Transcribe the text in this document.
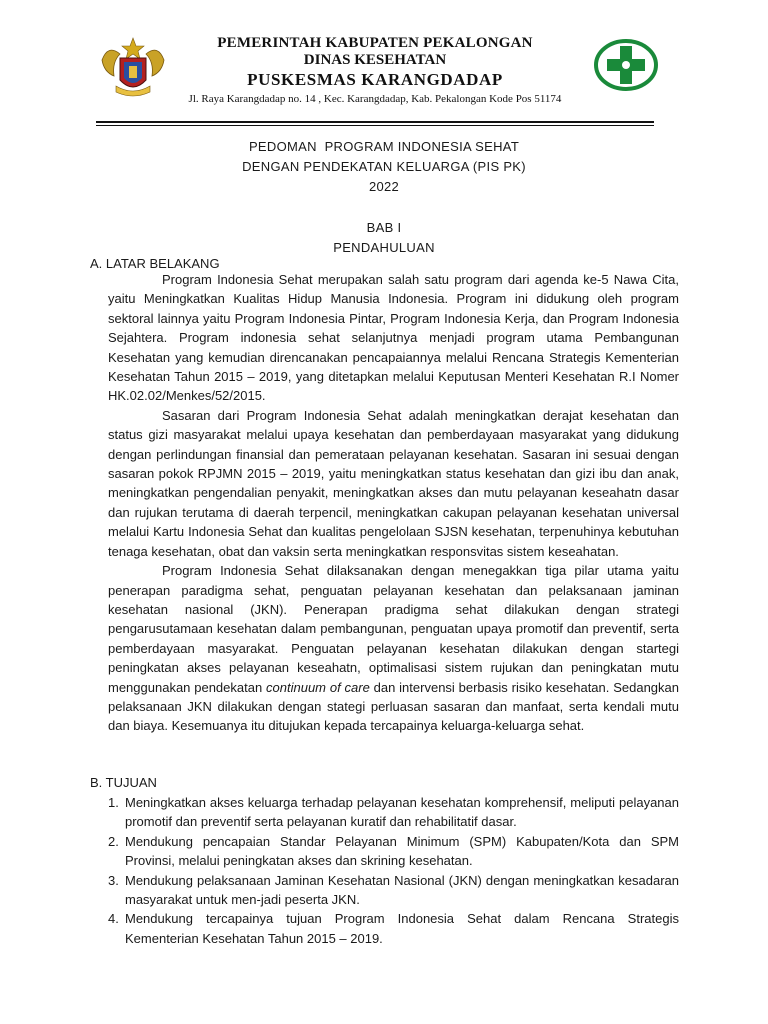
PEMERINTAH KABUPATEN PEKALONGAN
DINAS KESEHATAN
PUSKESMAS KARANGDADAP
Jl. Raya Karangdadap no. 14 , Kec. Karangdadap, Kab. Pekalongan Kode Pos 51174
PEDOMAN  PROGRAM INDONESIA SEHAT
DENGAN PENDEKATAN KELUARGA (PIS PK)
2022
BAB I
PENDAHULUAN
A. LATAR BELAKANG

Program Indonesia Sehat merupakan salah satu program dari agenda ke-5 Nawa Cita, yaitu Meningkatkan Kualitas Hidup Manusia Indonesia. Program ini didukung oleh program sektoral lainnya yaitu Program Indonesia Pintar, Program Indonesia Kerja, dan Program Indonesia Sejahtera. Program indonesia sehat selanjutnya menjadi program utama Pembangunan Kesehatan yang kemudian direncanakan pencapaiannya melalui Rencana Strategis Kementerian Kesehatan Tahun 2015 – 2019, yang ditetapkan melalui Keputusan Menteri Kesehatan R.I Nomer HK.02.02/Menkes/52/2015.

Sasaran dari Program Indonesia Sehat adalah meningkatkan derajat kesehatan dan status gizi masyarakat melalui upaya kesehatan dan pemberdayaan masyarakat yang didukung dengan perlindungan finansial dan pemerataan pelayanan kesehatan. Sasaran ini sesuai dengan sasaran pokok RPJMN 2015 – 2019, yaitu meningkatkan status kesehatan dan gizi ibu dan anak, meningkatkan pengendalian penyakit, meningkatkan akses dan mutu pelayanan keseahatn dasar dan rujukan terutama di daerah terpencil, meningkatkan cakupan pelayanan kesehatan universal melalui Kartu Indonesia Sehat dan kualitas pengelolaan SJSN kesehatan, terpenuhinya kebutuhan tenaga kesehatan, obat dan vaksin serta meningkatkan responsvitas sistem keseahatan.

Program Indonesia Sehat dilaksanakan dengan menegakkan tiga pilar utama yaitu penerapan paradigma sehat, penguatan pelayanan kesehatan dan pelaksanaan jaminan kesehatan nasional (JKN). Penerapan pradigma sehat dilakukan dengan strategi pengarusutamaan kesehatan dalam pembangunan, penguatan upaya promotif dan preventif, serta pemberdayaan masyarakat. Penguatan pelayanan kesehatan dilakukan dengan startegi peningkatan akses pelayanan keseahatn, optimalisasi sistem rujukan dan peningkatan mutu menggunakan pendekatan continuum of care dan intervensi berbasis risiko kesehatan. Sedangkan pelaksanaan JKN dilakukan dengan stategi perluasan sasaran dan manfaat, serta kendali mutu dan biaya. Kesemuanya itu ditujukan kepada tercapainya keluarga-keluarga sehat.

B. TUJUAN
1. Meningkatkan akses keluarga terhadap pelayanan kesehatan komprehensif, meliputi pelayanan promotif dan preventif serta pelayanan kuratif dan rehabilitatif dasar.
2. Mendukung pencapaian Standar Pelayanan Minimum (SPM) Kabupaten/Kota dan SPM Provinsi, melalui peningkatan akses dan skrining kesehatan.
3. Mendukung pelaksanaan Jaminan Kesehatan Nasional (JKN) dengan meningkatkan kesadaran masyarakat untuk men-jadi peserta JKN.
4. Mendukung tercapainya tujuan Program Indonesia Sehat dalam Rencana Strategis Kementerian Kesehatan Tahun 2015 – 2019.
